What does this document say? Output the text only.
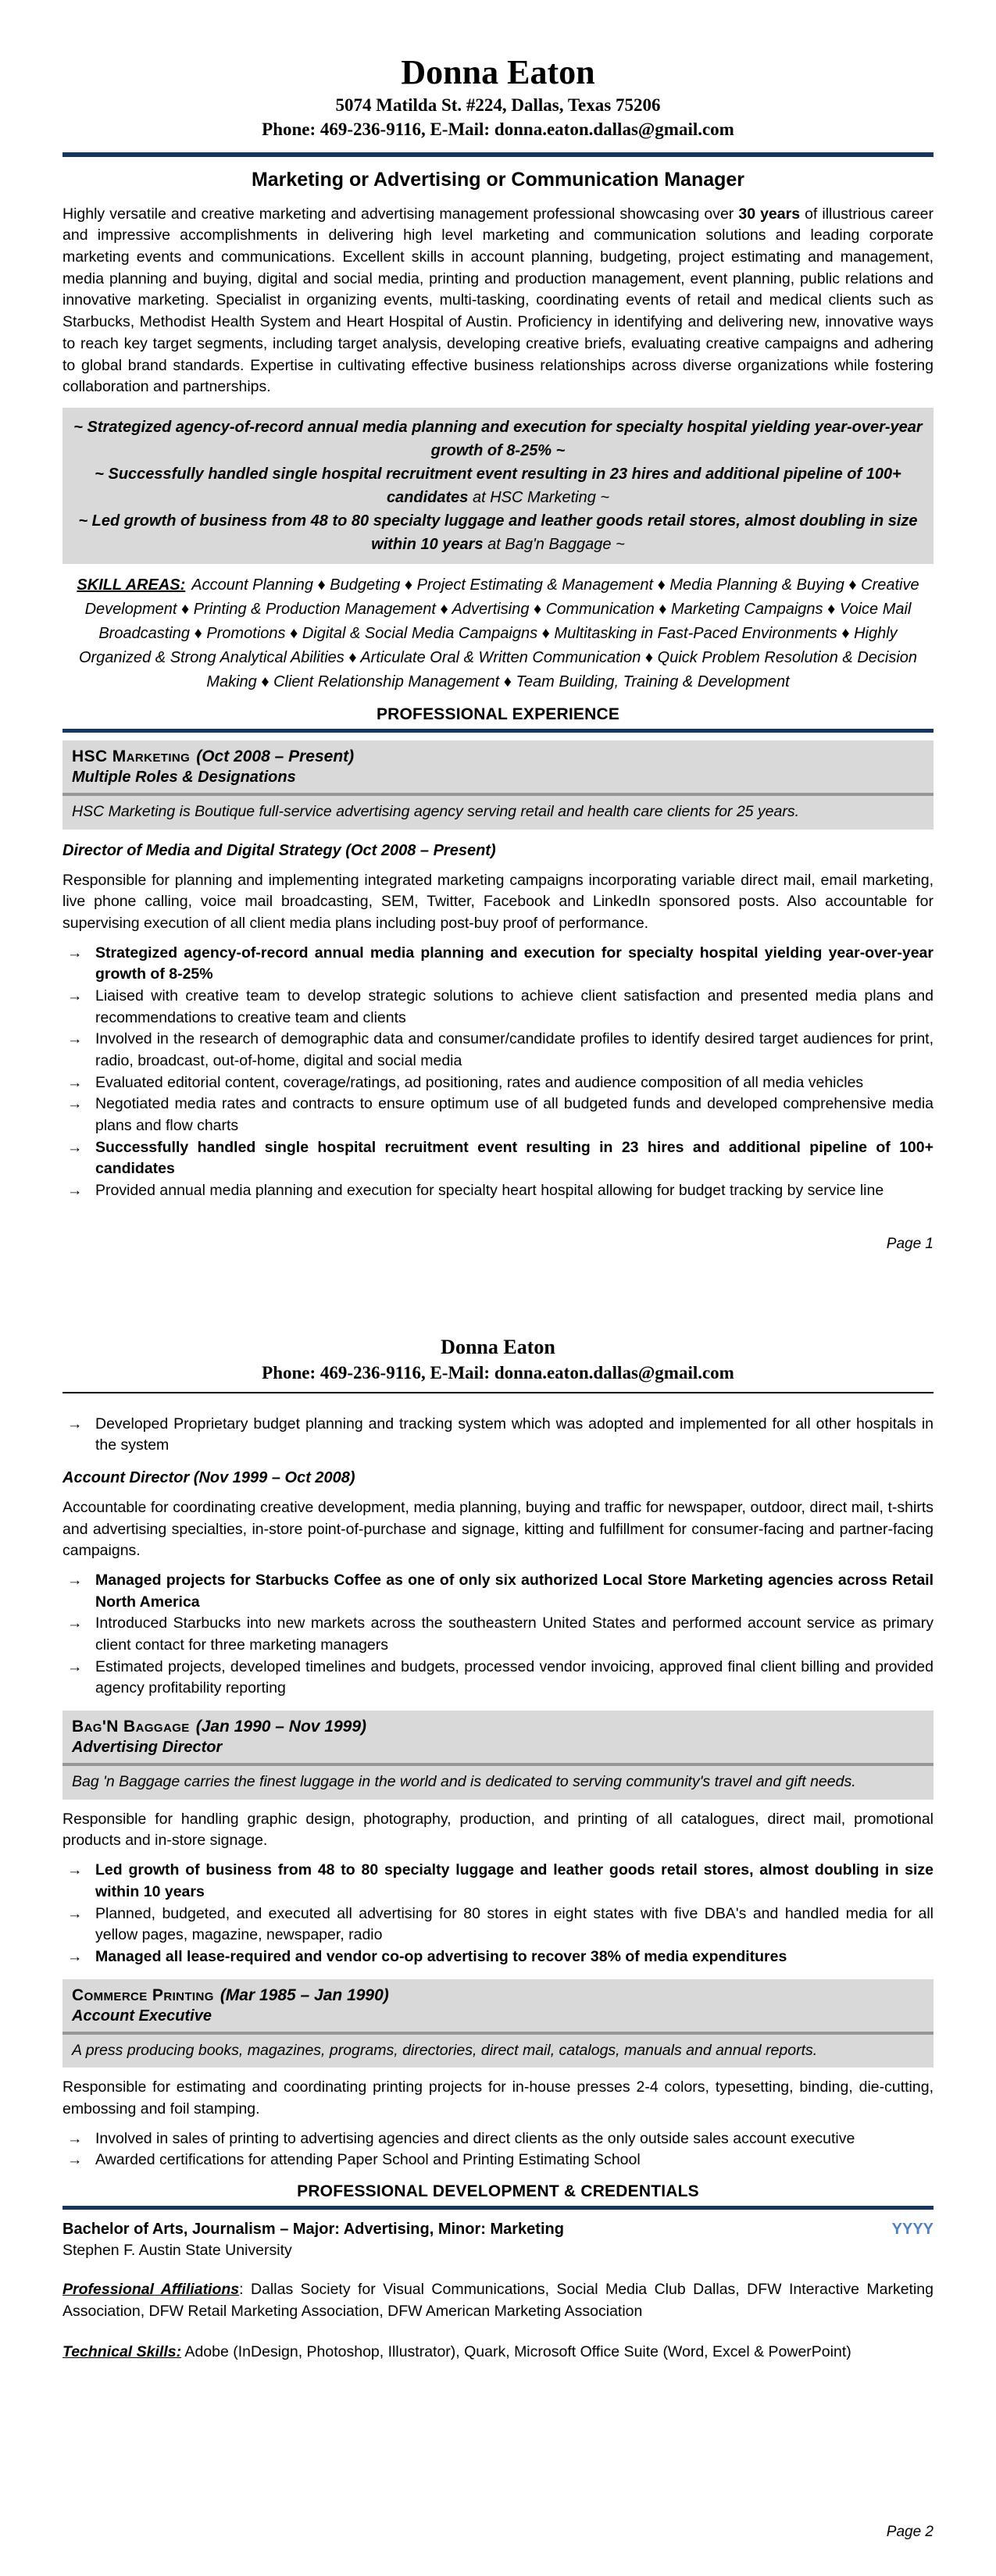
Donna Eaton
5074 Matilda St. #224, Dallas, Texas 75206
Phone: 469-236-9116, E-Mail: donna.eaton.dallas@gmail.com
Marketing or Advertising or Communication Manager

Highly versatile and creative marketing and advertising management professional showcasing over 30 years of illustrious career and impressive accomplishments in delivering high level marketing and communication solutions and leading corporate marketing events and communications. Excellent skills in account planning, budgeting, project estimating and management, media planning and buying, digital and social media, printing and production management, event planning, public relations and innovative marketing. Specialist in organizing events, multi-tasking, coordinating events of retail and medical clients such as Starbucks, Methodist Health System and Heart Hospital of Austin. Proficiency in identifying and delivering new, innovative ways to reach key target segments, including target analysis, developing creative briefs, evaluating creative campaigns and adhering to global brand standards. Expertise in cultivating effective business relationships across diverse organizations while fostering collaboration and partnerships.

~ Strategized agency-of-record annual media planning and execution for specialty hospital yielding year-over-year growth of 8-25% ~
~ Successfully handled single hospital recruitment event resulting in 23 hires and additional pipeline of 100+ candidates at HSC Marketing ~
~ Led growth of business from 48 to 80 specialty luggage and leather goods retail stores, almost doubling in size within 10 years at Bag'n Baggage ~
SKILL AREAS: Account Planning ♦ Budgeting ♦ Project Estimating & Management ♦ Media Planning & Buying ♦ Creative Development ♦ Printing & Production Management ♦ Advertising ♦ Communication ♦ Marketing Campaigns ♦ Voice Mail Broadcasting ♦ Promotions ♦ Digital & Social Media Campaigns ♦ Multitasking in Fast-Paced Environments ♦ Highly Organized & Strong Analytical Abilities ♦ Articulate Oral & Written Communication ♦ Quick Problem Resolution & Decision Making ♦ Client Relationship Management ♦ Team Building, Training & Development
PROFESSIONAL EXPERIENCE
HSC Marketing (Oct 2008 – Present)
Multiple Roles & Designations
HSC Marketing is Boutique full-service advertising agency serving retail and health care clients for 25 years.
Director of Media and Digital Strategy (Oct 2008 – Present)

Responsible for planning and implementing integrated marketing campaigns incorporating variable direct mail, email marketing, live phone calling, voice mail broadcasting, SEM, Twitter, Facebook and LinkedIn sponsored posts. Also accountable for supervising execution of all client media plans including post-buy proof of performance.

→ Strategized agency-of-record annual media planning and execution for specialty hospital yielding year-over-year growth of 8-25%
→ Liaised with creative team to develop strategic solutions to achieve client satisfaction and presented media plans and recommendations to creative team and clients
→ Involved in the research of demographic data and consumer/candidate profiles to identify desired target audiences for print, radio, broadcast, out-of-home, digital and social media
→ Evaluated editorial content, coverage/ratings, ad positioning, rates and audience composition of all media vehicles
→ Negotiated media rates and contracts to ensure optimum use of all budgeted funds and developed comprehensive media plans and flow charts
→ Successfully handled single hospital recruitment event resulting in 23 hires and additional pipeline of 100+ candidates
→ Provided annual media planning and execution for specialty heart hospital allowing for budget tracking by service line
Page 1
Donna Eaton
Phone: 469-236-9116, E-Mail: donna.eaton.dallas@gmail.com
→ Developed Proprietary budget planning and tracking system which was adopted and implemented for all other hospitals in the system
Account Director (Nov 1999 – Oct 2008)

Accountable for coordinating creative development, media planning, buying and traffic for newspaper, outdoor, direct mail, t-shirts and advertising specialties, in-store point-of-purchase and signage, kitting and fulfillment for consumer-facing and partner-facing campaigns.

→ Managed projects for Starbucks Coffee as one of only six authorized Local Store Marketing agencies across Retail North America
→ Introduced Starbucks into new markets across the southeastern United States and performed account service as primary client contact for three marketing managers
→ Estimated projects, developed timelines and budgets, processed vendor invoicing, approved final client billing and provided agency profitability reporting
Bag'N Baggage (Jan 1990 – Nov 1999)
Advertising Director
Bag 'n Baggage carries the finest luggage in the world and is dedicated to serving community's travel and gift needs.

Responsible for handling graphic design, photography, production, and printing of all catalogues, direct mail, promotional products and in-store signage.

→ Led growth of business from 48 to 80 specialty luggage and leather goods retail stores, almost doubling in size within 10 years
→ Planned, budgeted, and executed all advertising for 80 stores in eight states with five DBA's and handled media for all yellow pages, magazine, newspaper, radio
→ Managed all lease-required and vendor co-op advertising to recover 38% of media expenditures
Commerce Printing (Mar 1985 – Jan 1990)
Account Executive
A press producing books, magazines, programs, directories, direct mail, catalogs, manuals and annual reports.

Responsible for estimating and coordinating printing projects for in-house presses 2-4 colors, typesetting, binding, die-cutting, embossing and foil stamping.

→ Involved in sales of printing to advertising agencies and direct clients as the only outside sales account executive
→ Awarded certifications for attending Paper School and Printing Estimating School
PROFESSIONAL DEVELOPMENT & CREDENTIALS
Bachelor of Arts, Journalism – Major: Advertising, Minor: Marketing	YYYY
Stephen F. Austin State University

Professional Affiliations: Dallas Society for Visual Communications, Social Media Club Dallas, DFW Interactive Marketing Association, DFW Retail Marketing Association, DFW American Marketing Association

Technical Skills: Adobe (InDesign, Photoshop, Illustrator), Quark, Microsoft Office Suite (Word, Excel & PowerPoint)

Page 2
